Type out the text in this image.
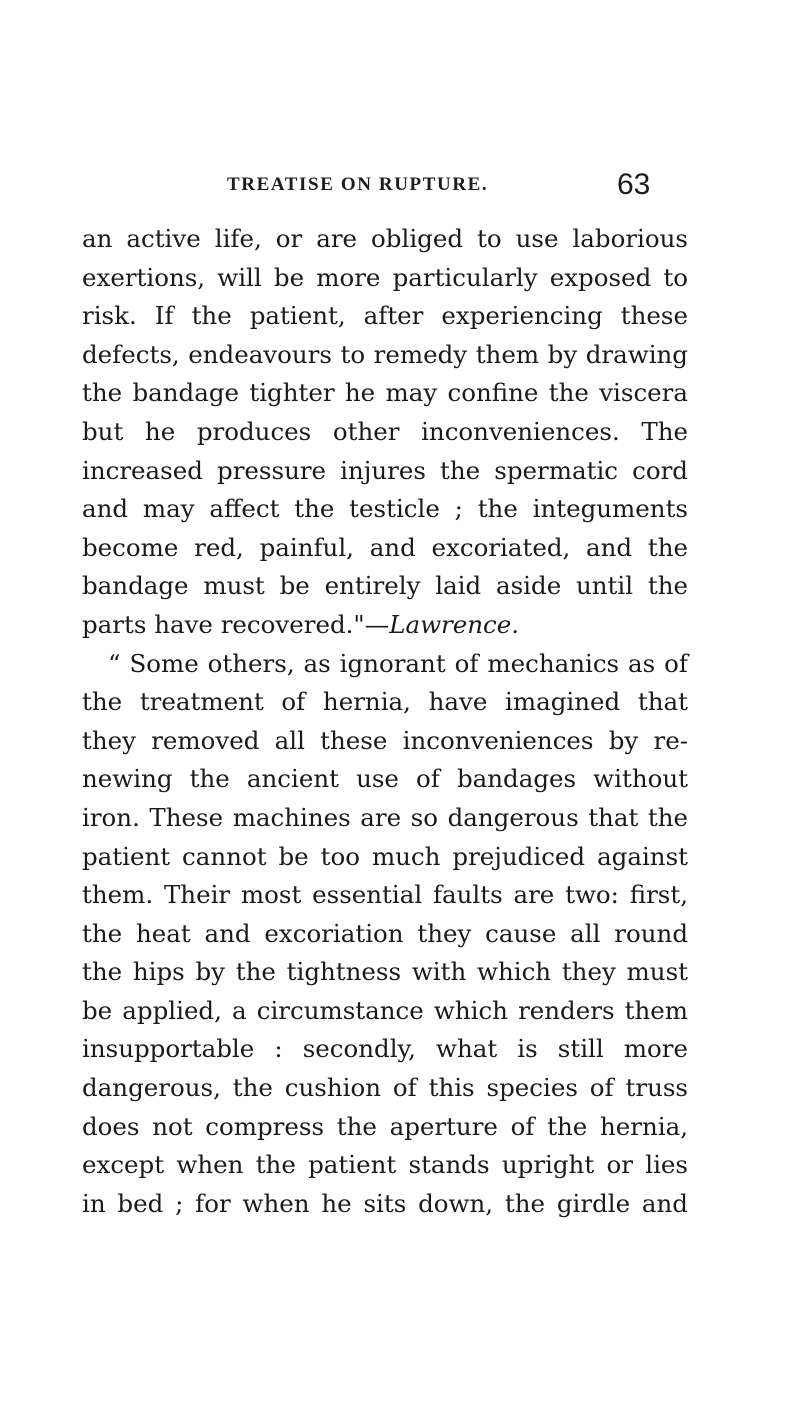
TREATISE ON RUPTURE.	63
an active life, or are obliged to use laborious
exertions, will be more particularly exposed to
risk. If the patient, after experiencing these
defects, endeavours to remedy them by drawing
the bandage tighter he may confine the viscera
but he produces other inconveniences. The
increased pressure injures the spermatic cord
and may affect the testicle ; the integuments
become red, painful, and excoriated, and the
bandage must be entirely laid aside until the
parts have recovered."—Lawrence.
“ Some others, as ignorant of mechanics as of
the treatment of hernia, have imagined that
they removed all these inconveniences by re-
newing the ancient use of bandages without
iron. These machines are so dangerous that the
patient cannot be too much prejudiced against
them. Their most essential faults are two: first,
the heat and excoriation they cause all round
the hips by the tightness with which they must
be applied, a circumstance which renders them
insupportable : secondly, what is still more
dangerous, the cushion of this species of truss
does not compress the aperture of the hernia,
except when the patient stands upright or lies
in bed ; for when he sits down, the girdle and
